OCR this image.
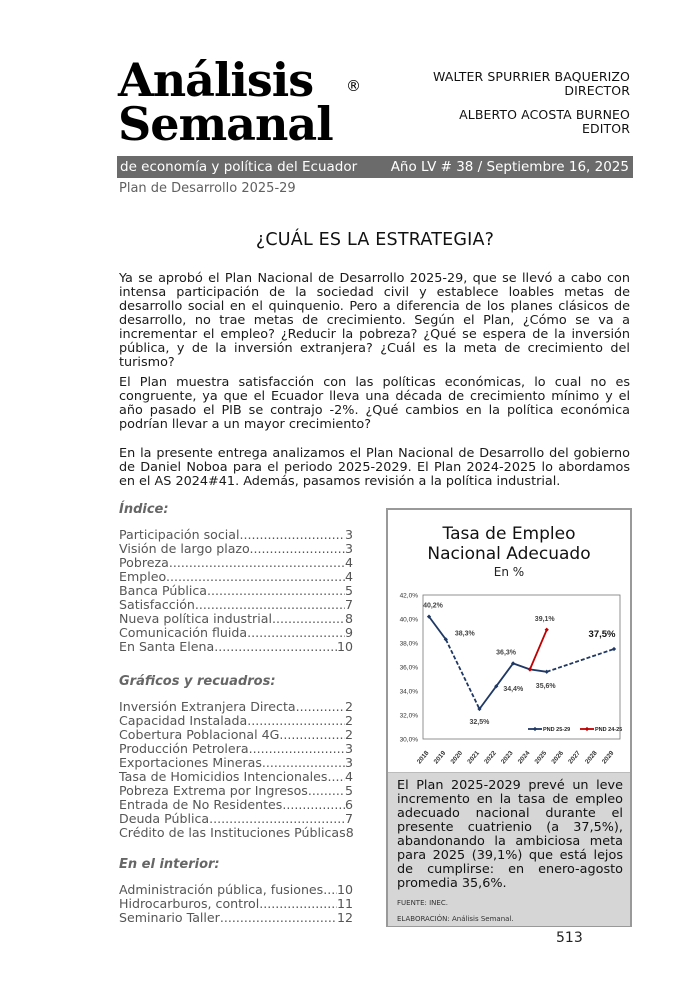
Análisis
Semanal
®
WALTER SPURRIER BAQUERIZO
DIRECTOR
ALBERTO ACOSTA BURNEO
EDITOR
de economía y política del Ecuador Año LV # 38 / Septiembre 16, 2025
Plan de Desarrollo 2025-29
¿CUÁL ES LA ESTRATEGIA?
Ya se aprobó el Plan Nacional de Desarrollo 2025-29, que se llevó a cabo con intensa participación de la sociedad civil y establece loables metas de desarrollo social en el quinquenio. Pero a diferencia de los planes clásicos de desarrollo, no trae metas de crecimiento. Según el Plan, ¿Cómo se va a incrementar el empleo? ¿Reducir la pobreza? ¿Qué se espera de la inversión pública, y de la inversión extranjera? ¿Cuál es la meta de crecimiento del turismo?
El Plan muestra satisfacción con las políticas económicas, lo cual no es congruente, ya que el Ecuador lleva una década de crecimiento mínimo y el año pasado el PIB se contrajo -2%. ¿Qué cambios en la política económica podrían llevar a un mayor crecimiento?
En la presente entrega analizamos el Plan Nacional de Desarrollo del gobierno de Daniel Noboa para el periodo 2025-2029. El Plan 2024-2025 lo abordamos en el AS 2024#41. Además, pasamos revisión a la política industrial.
Índice:
Participación social .....	3
Visión de largo plazo. .....	3
Pobreza. .....	4
Empleo. .....	4
Banca Pública. .....	5
Satisfacción. .....	7
Nueva política industrial. .....	8
Comunicación fluida .....	9
En Santa Elena .....	10
Gráficos y recuadros:
Inversión Extranjera Directa .....	2
Capacidad Instalada .....	2
Cobertura Poblacional 4G .....	2
Producción Petrolera .....	3
Exportaciones Mineras .....	3
Tasa de Homicidios Intencionales ..... 4
Pobreza Extrema por Ingresos .....	5
Entrada de No Residentes .....	6
Deuda Pública .....	7
Crédito de las Instituciones Públicas 8
En el interior:
Administración pública, fusiones ..... 10
Hidrocarburos, control.. .....	11
Seminario Taller .....	12
Tasa de Empleo
Nacional Adecuado
En %
30,0%
32,0%
34,0%
36,0%
38,0%
40,0%
42,0%
2018 2019 2020 2021 2022 2023 2024 2025 2026 2027 2028 2029
40,2%
38,3%
32,5%
34,4%
36,3%
35,6%
39,1%
37,5%
PND 25-29	PND 24-25
El Plan 2025-2029 prevé un leve incremento en la tasa de empleo adecuado nacional durante el presente cuatrienio (a 37,5%), abandonando la ambiciosa meta para 2025 (39,1%) que está lejos de cumplirse: en enero-agosto promedia 35,6%.
FUENTE: INEC.
ELABORACIÓN: Análisis Semanal.
513
